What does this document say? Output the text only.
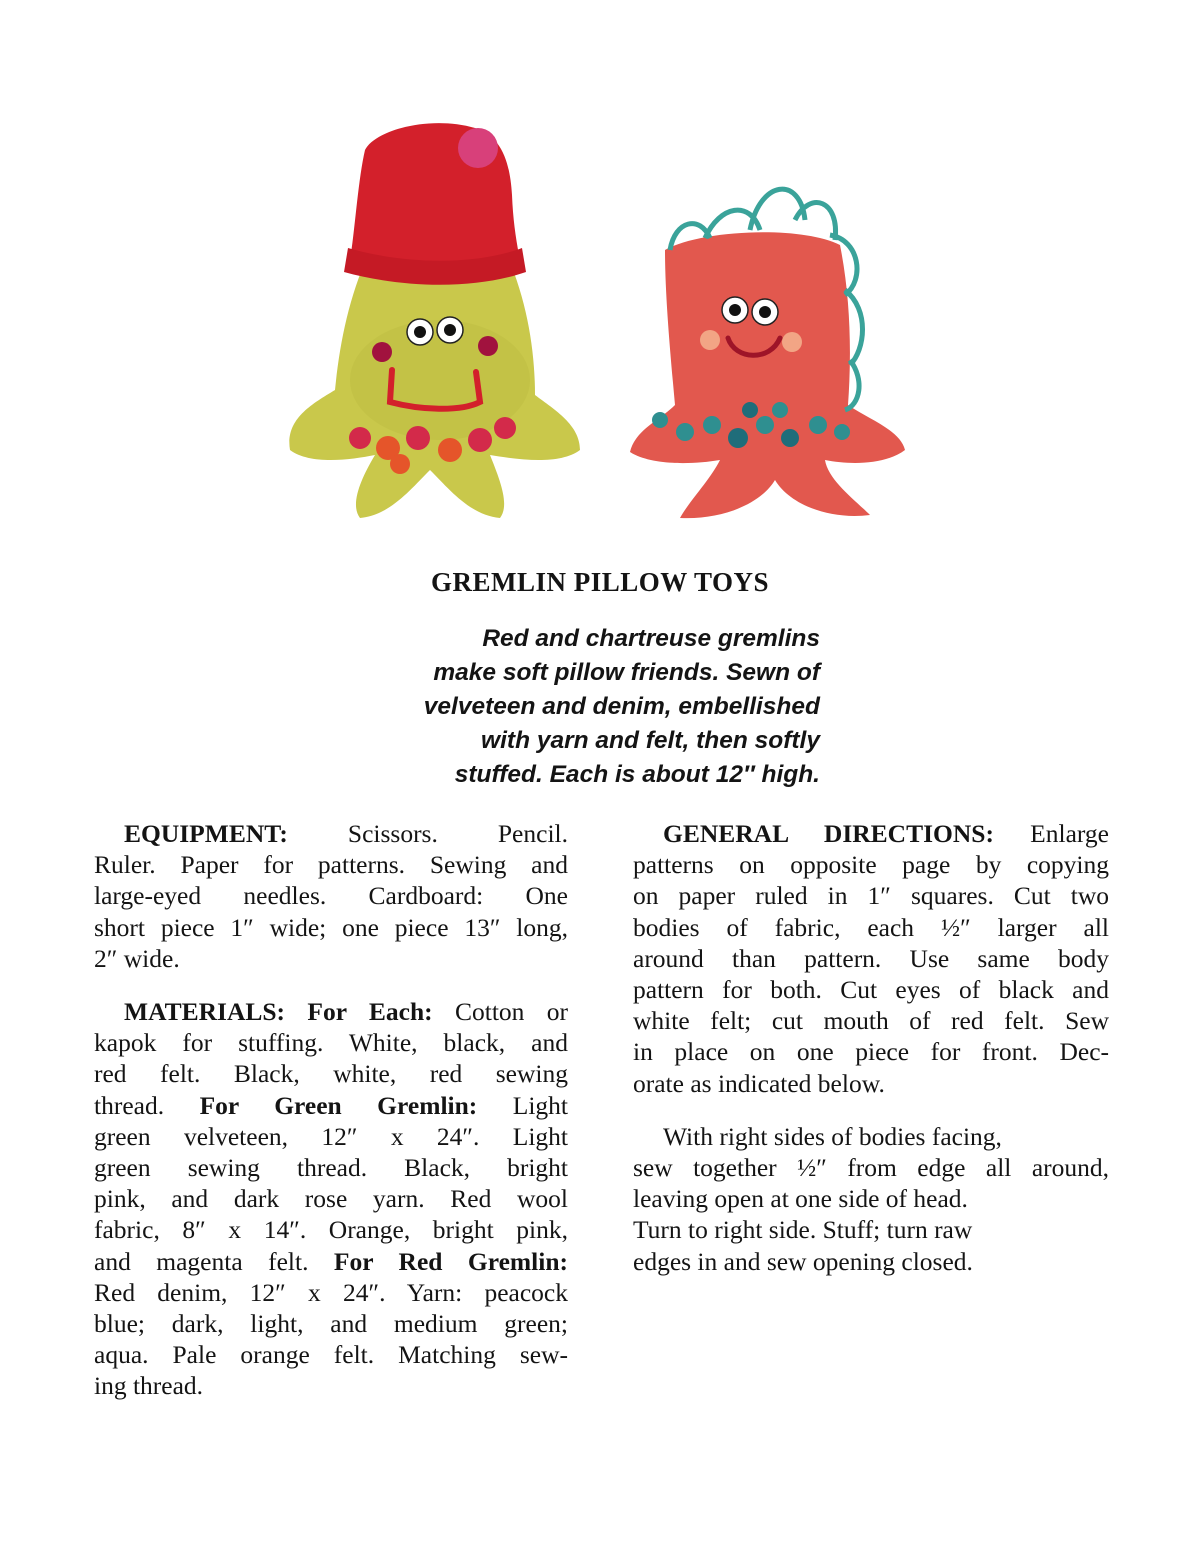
GREMLIN PILLOW TOYS
Red and chartreuse gremlins
make soft pillow friends. Sewn of
velveteen and denim, embellished
with yarn and felt, then softly
stuffed. Each is about 12″ high.

EQUIPMENT: Scissors. Pencil.
Ruler. Paper for patterns. Sewing and
large-eyed needles. Cardboard: One
short piece 1″ wide; one piece 13″ long,
2″ wide.

MATERIALS: For Each: Cotton or
kapok for stuffing. White, black, and
red felt. Black, white, red sewing
thread. For Green Gremlin: Light
green velveteen, 12″ x 24″. Light
green sewing thread. Black, bright
pink, and dark rose yarn. Red wool
fabric, 8″ x 14″. Orange, bright pink,
and magenta felt. For Red Gremlin:
Red denim, 12″ x 24″. Yarn: peacock
blue; dark, light, and medium green;
aqua. Pale orange felt. Matching sew-
ing thread.

GENERAL DIRECTIONS: Enlarge
patterns on opposite page by copying
on paper ruled in 1″ squares. Cut two
bodies of fabric, each ½″ larger all
around than pattern. Use same body
pattern for both. Cut eyes of black and
white felt; cut mouth of red felt. Sew
in place on one piece for front. Dec-
orate as indicated below.

With right sides of bodies facing,
sew together ½″ from edge all around,
leaving open at one side of head.
Turn to right side. Stuff; turn raw
edges in and sew opening closed.
